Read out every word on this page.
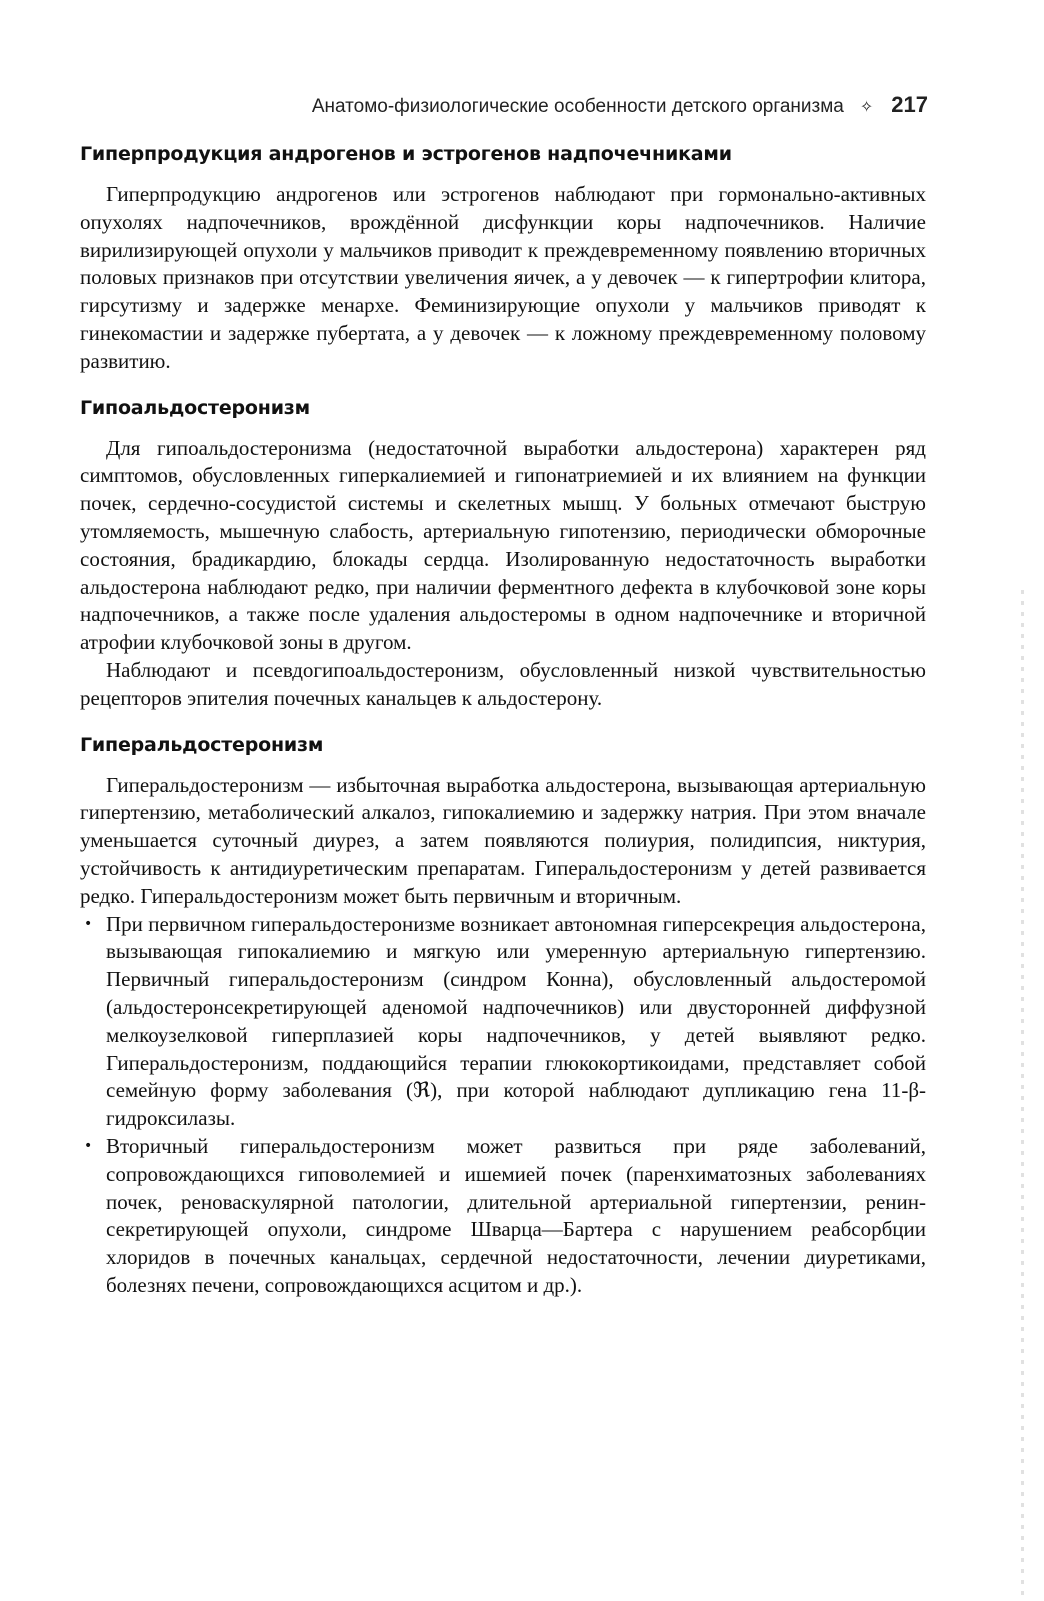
Анатомо-физиологические особенности детского организма ✧ 217
Гиперпродукция андрогенов и эстрогенов надпочечниками

Гиперпродукцию андрогенов или эстрогенов наблюдают при гормонально-активных опухолях надпочечников, врождённой дисфункции коры надпочечников. Наличие вирилизирующей опухоли у мальчиков приводит к преждевременному появлению вторичных половых признаков при отсутствии увеличения яичек, а у девочек — к гипертрофии клитора, гирсутизму и задержке менархе. Феминизирующие опухоли у мальчиков приводят к гинекомастии и задержке пубертата, а у девочек — к ложному преждевременному половому развитию.

Гипоальдостеронизм

Для гипоальдостеронизма (недостаточной выработки альдостерона) характерен ряд симптомов, обусловленных гиперкалиемией и гипонатриемией и их влиянием на функции почек, сердечно-сосудистой системы и скелетных мышц. У больных отмечают быструю утомляемость, мышечную слабость, артериальную гипотензию, периодически обморочные состояния, брадикардию, блокады сердца. Изолированную недостаточность выработки альдостерона наблюдают редко, при наличии ферментного дефекта в клубочковой зоне коры надпочечников, а также после удаления альдостеромы в одном надпочечнике и вторичной атрофии клубочковой зоны в другом.

Наблюдают и псевдогипоальдостеронизм, обусловленный низкой чувствительностью рецепторов эпителия почечных канальцев к альдостерону.

Гиперальдостеронизм

Гиперальдостеронизм — избыточная выработка альдостерона, вызывающая артериальную гипертензию, метаболический алкалоз, гипокалиемию и задержку натрия. При этом вначале уменьшается суточный диурез, а затем появляются полиурия, полидипсия, никтурия, устойчивость к антидиуретическим препаратам. Гиперальдостеронизм у детей развивается редко. Гиперальдостеронизм может быть первичным и вторичным.

• При первичном гиперальдостеронизме возникает автономная гиперсекреция альдостерона, вызывающая гипокалиемию и мягкую или умеренную артериальную гипертензию. Первичный гиперальдостеронизм (синдром Конна), обусловленный альдостеромой (альдостеронсекретирующей аденомой надпочечников) или двусторонней диффузной мелкоузелковой гиперплазией коры надпочечников, у детей выявляют редко. Гиперальдостеронизм, поддающийся терапии глюкокортикоидами, представляет собой семейную форму заболевания (ℜ), при которой наблюдают дупликацию гена 11-β-гидроксилазы.
• Вторичный гиперальдостеронизм может развиться при ряде заболеваний, сопровождающихся гиповолемией и ишемией почек (паренхиматозных заболеваниях почек, реноваскулярной патологии, длительной артериальной гипертензии, ренин-секретирующей опухоли, синдроме Шварца—Бартера с нарушением реабсорбции хлоридов в почечных канальцах, сердечной недостаточности, лечении диуретиками, болезнях печени, сопровождающихся асцитом и др.).
